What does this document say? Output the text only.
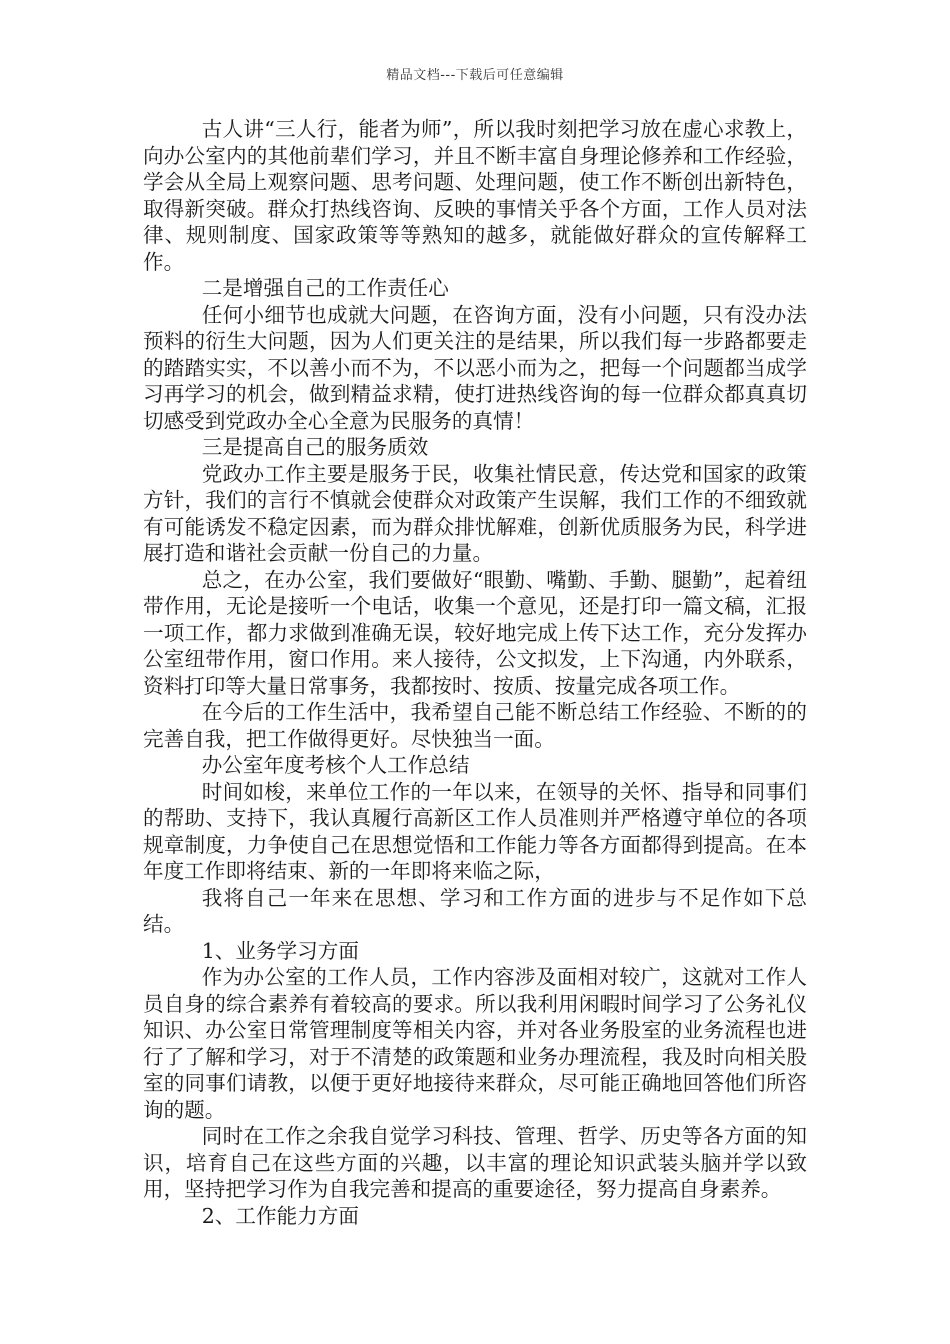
精品文档---下载后可任意编辑

古人讲“三人行，能者为师”，所以我时刻把学习放在虚心求教上，向办公室内的其他前辈们学习，并且不断丰富自身理论修养和工作经验，学会从全局上观察问题、思考问题、处理问题，使工作不断创出新特色，取得新突破。群众打热线咨询、反映的事情关乎各个方面，工作人员对法律、规则制度、国家政策等等熟知的越多，就能做好群众的宣传解释工作。

二是增强自己的工作责任心

任何小细节也成就大问题，在咨询方面，没有小问题，只有没办法预料的衍生大问题，因为人们更关注的是结果，所以我们每一步路都要走的踏踏实实，不以善小而不为，不以恶小而为之，把每一个问题都当成学习再学习的机会，做到精益求精，使打进热线咨询的每一位群众都真真切切感受到党政办全心全意为民服务的真情！

三是提高自己的服务质效

党政办工作主要是服务于民，收集社情民意，传达党和国家的政策方针，我们的言行不慎就会使群众对政策产生误解，我们工作的不细致就有可能诱发不稳定因素，而为群众排忧解难，创新优质服务为民，科学进展打造和谐社会贡献一份自己的力量。

总之，在办公室，我们要做好“眼勤、嘴勤、手勤、腿勤”，起着纽带作用，无论是接听一个电话，收集一个意见，还是打印一篇文稿，汇报一项工作，都力求做到准确无误，较好地完成上传下达工作，充分发挥办公室纽带作用，窗口作用。来人接待，公文拟发，上下沟通，内外联系，资料打印等大量日常事务，我都按时、按质、按量完成各项工作。

在今后的工作生活中，我希望自己能不断总结工作经验、不断的的完善自我，把工作做得更好。尽快独当一面。

办公室年度考核个人工作总结

时间如梭，来单位工作的一年以来，在领导的关怀、指导和同事们的帮助、支持下，我认真履行高新区工作人员准则并严格遵守单位的各项规章制度，力争使自己在思想觉悟和工作能力等各方面都得到提高。在本年度工作即将结束、新的一年即将来临之际，

我将自己一年来在思想、学习和工作方面的进步与不足作如下总结。

1、业务学习方面

作为办公室的工作人员，工作内容涉及面相对较广，这就对工作人员自身的综合素养有着较高的要求。所以我利用闲暇时间学习了公务礼仪知识、办公室日常管理制度等相关内容，并对各业务股室的业务流程也进行了了解和学习，对于不清楚的政策题和业务办理流程，我及时向相关股室的同事们请教，以便于更好地接待来群众，尽可能正确地回答他们所咨询的题。

同时在工作之余我自觉学习科技、管理、哲学、历史等各方面的知识，培育自己在这些方面的兴趣，以丰富的理论知识武装头脑并学以致用，坚持把学习作为自我完善和提高的重要途径，努力提高自身素养。

2、工作能力方面
